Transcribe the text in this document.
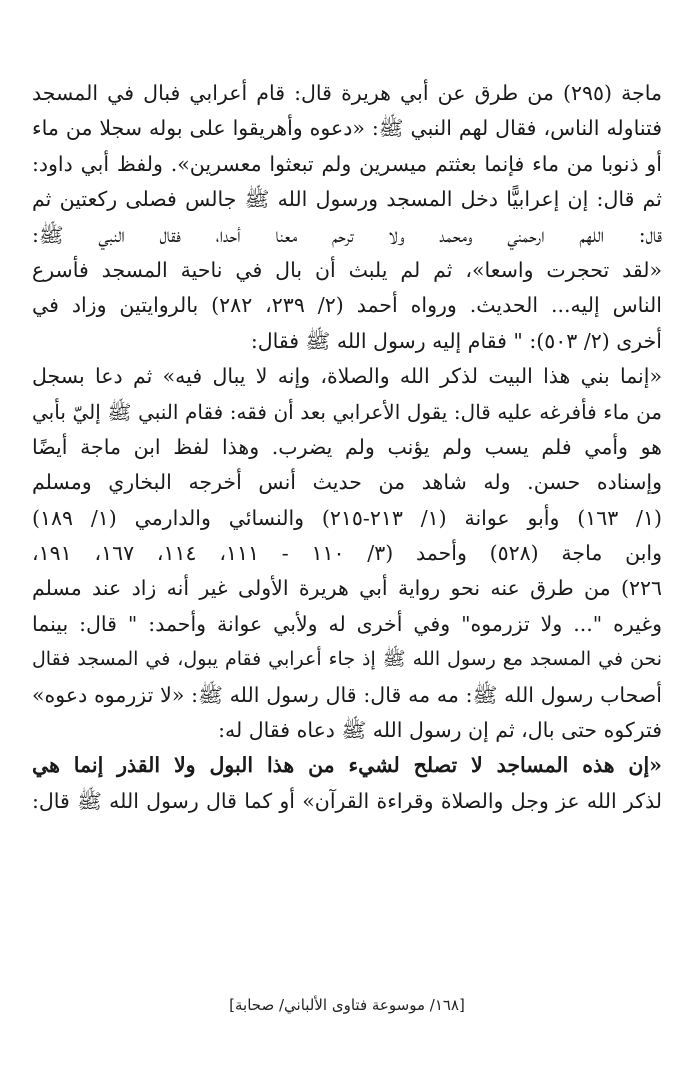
ماجة (٢٩٥) من طرق عن أبي هريرة قال: قام أعرابي فبال في المسجد
فتناوله الناس، فقال لهم النبي ﷺ: «دعوه وأهريقوا على بوله سجلا من ماء
أو ذنوبا من ماء فإنما بعثتم ميسرين ولم تبعثوا معسرين». ولفظ أبي داود:
ثم قال: إن إعرابيًّا دخل المسجد ورسول الله ﷺ جالس فصلى ركعتين ثم
قال: اللهم ارحمني ومحمد ولا ترحم معنا أحدا، فقال النبي ﷺ:
«لقد تحجرت واسعا»، ثم لم يلبث أن بال في ناحية المسجد فأسرع
الناس إليه... الحديث. ورواه أحمد (٢/ ٢٣٩، ٢٨٢) بالروايتين وزاد في
أخرى (٢/ ٥٠٣): " فقام إليه رسول الله ﷺ فقال:
«إنما بني هذا البيت لذكر الله والصلاة، وإنه لا يبال فيه» ثم دعا بسجل
من ماء فأفرغه عليه قال: يقول الأعرابي بعد أن فقه: فقام النبي ﷺ إليّ بأبي
هو وأمي فلم يسب ولم يؤنب ولم يضرب. وهذا لفظ ابن ماجة أيضًا
وإسناده حسن. وله شاهد من حديث أنس أخرجه البخاري ومسلم
(١/ ١٦٣) وأبو عوانة (١/ ٢١٣-٢١٥) والنسائي والدارمي (١/ ١٨٩)
وابن ماجة (٥٢٨) وأحمد (٣/ ١١٠ - ١١١، ١١٤، ١٦٧، ١٩١،
٢٢٦) من طرق عنه نحو رواية أبي هريرة الأولى غير أنه زاد عند مسلم
وغيره "... ولا تزرموه" وفي أخرى له ولأبي عوانة وأحمد: " قال: بينما
نحن في المسجد مع رسول الله ﷺ إذ جاء أعرابي فقام يبول، في المسجد فقال
أصحاب رسول الله ﷺ: مه مه قال: قال رسول الله ﷺ: «لا تزرموه دعوه»
فتركوه حتى بال، ثم إن رسول الله ﷺ دعاه فقال له:
«إن هذه المساجد لا تصلح لشيء من هذا البول ولا القذر إنما هي
لذكر الله عز وجل والصلاة وقراءة القرآن» أو كما قال رسول الله ﷺ قال:
[١٦٨/ موسوعة فتاوى الألباني/ صحابة]
